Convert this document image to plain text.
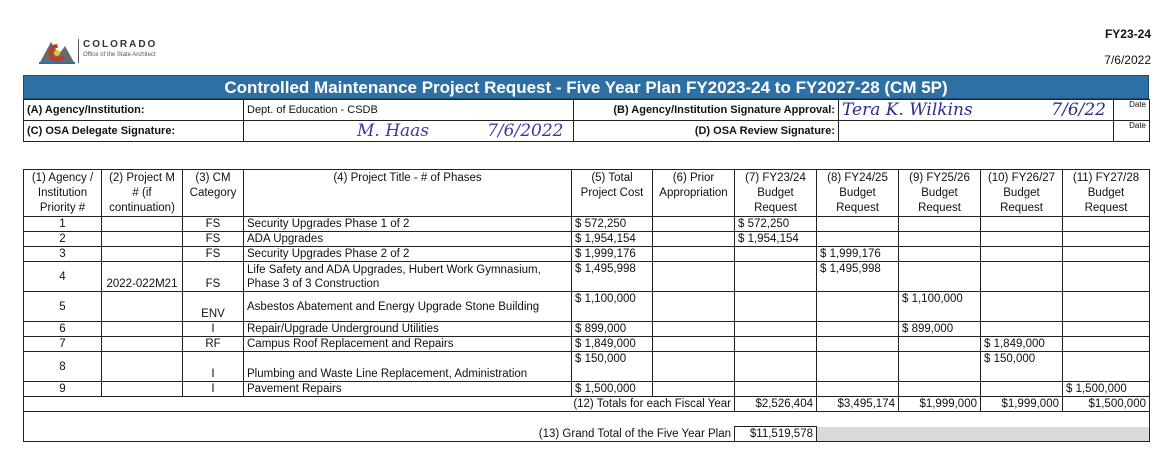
COLORADO
Office of the State Architect
FY23-24
7/6/2022
Controlled Maintenance Project Request - Five Year Plan FY2023-24 to FY2027-28 (CM 5P)
(A) Agency/Institution:	Dept. of Education - CSDB	(B) Agency/Institution Signature Approval:	Tera K. Wilkins 7/6/22	Date
(C) OSA Delegate Signature:	M. Haas 7/6/2022	(D) OSA Review Signature:		Date
(1) Agency / Institution Priority #	(2) Project M # (if continuation)	(3) CM Category	(4) Project Title - # of Phases	(5) Total Project Cost	(6) Prior Appropriation	(7) FY23/24 Budget Request	(8) FY24/25 Budget Request	(9) FY25/26 Budget Request	(10) FY26/27 Budget Request	(11) FY27/28 Budget Request
1		FS	Security Upgrades Phase 1 of 2	$ 572,250		$ 572,250				
2		FS	ADA Upgrades	$ 1,954,154		$ 1,954,154				
3		FS	Security Upgrades Phase 2 of 2	$ 1,999,176			$ 1,999,176			
4	2022-022M21	FS	Life Safety and ADA Upgrades, Hubert Work Gymnasium, Phase 3 of 3 Construction	$ 1,495,998			$ 1,495,998			
5		ENV	Asbestos Abatement and Energy Upgrade Stone Building	$ 1,100,000				$ 1,100,000		
6		I	Repair/Upgrade Underground Utilities	$ 899,000				$ 899,000		
7		RF	Campus Roof Replacement and Repairs	$ 1,849,000					$ 1,849,000	
8		I	Plumbing and Waste Line Replacement, Administration	$ 150,000					$ 150,000	
9		I	Pavement Repairs	$ 1,500,000						$ 1,500,000
(12) Totals for each Fiscal Year						$2,526,404	$3,495,174	$1,999,000	$1,999,000	$1,500,000

(13) Grand Total of the Five Year Plan						$11,519,578				
